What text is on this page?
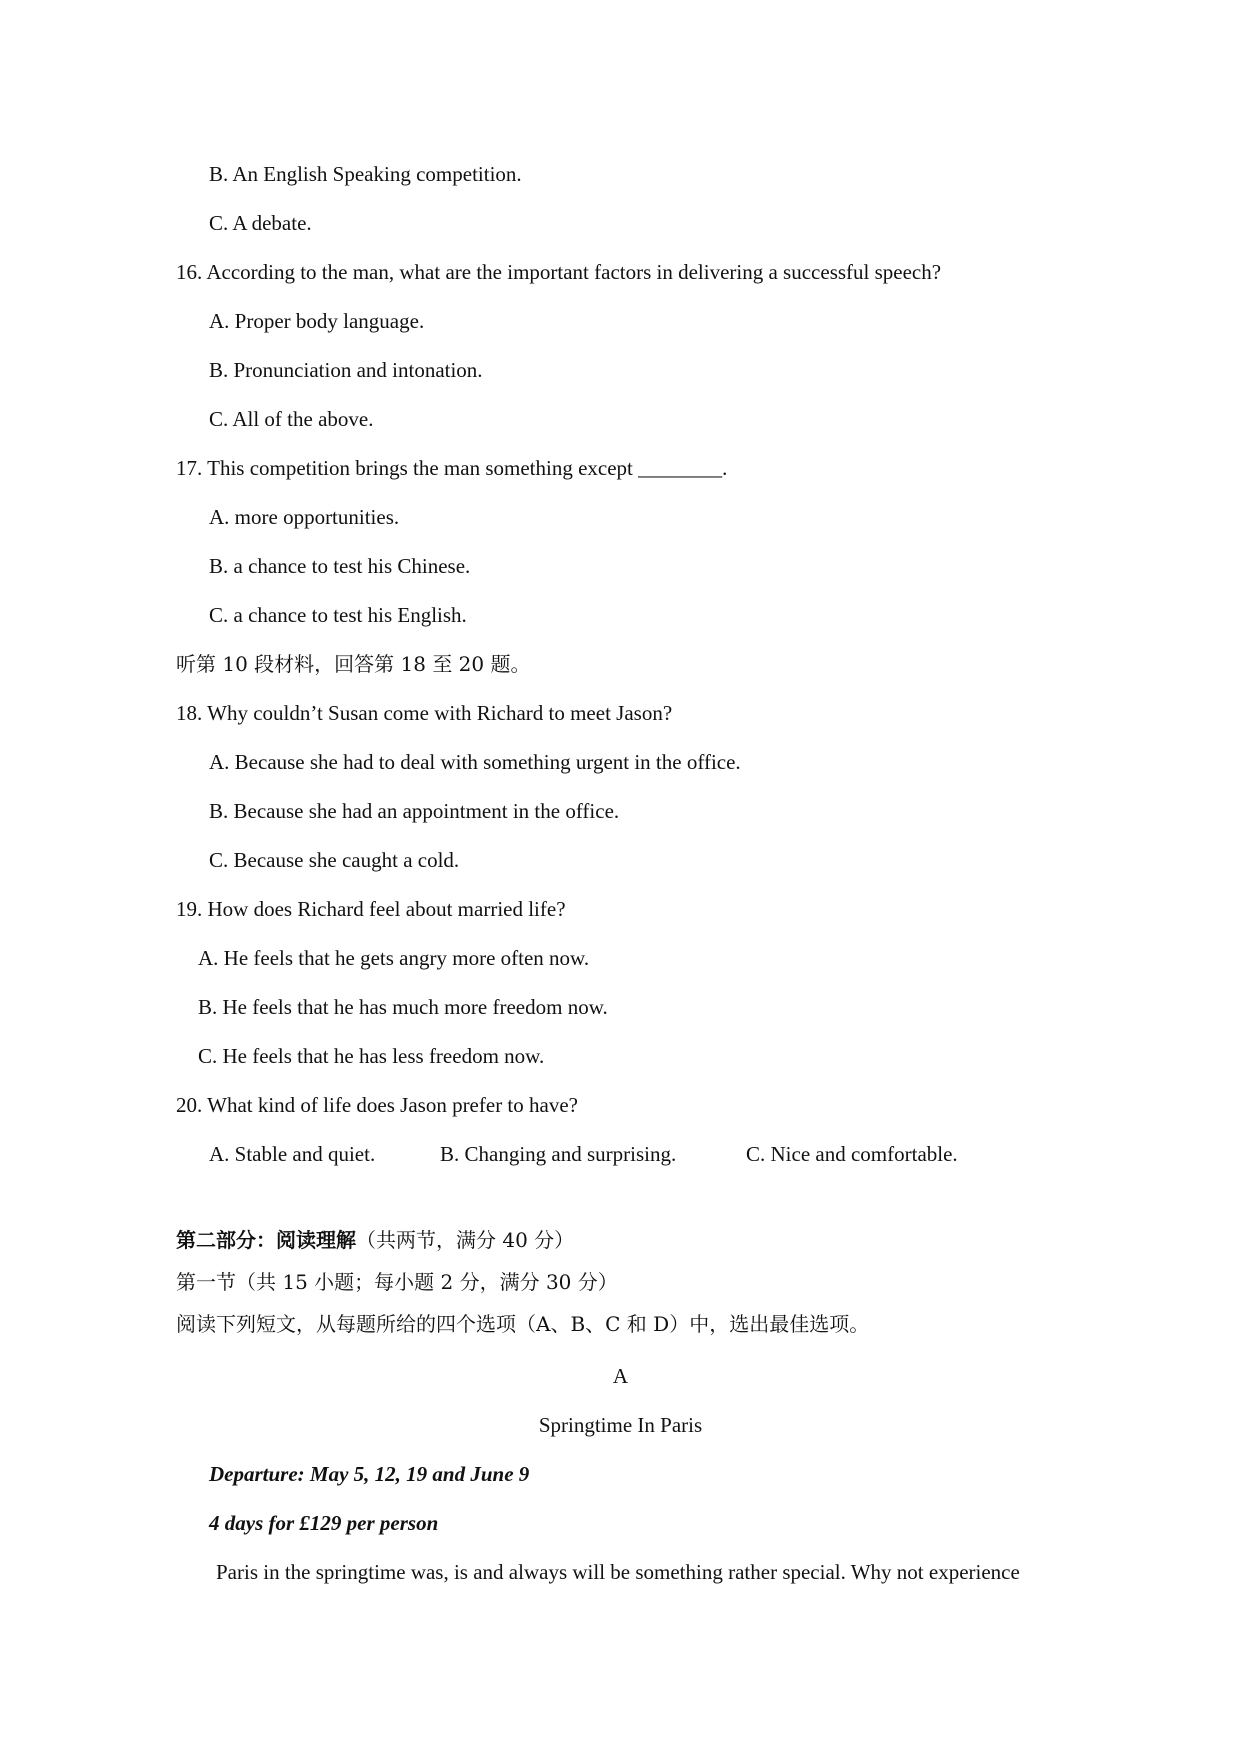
B. An English Speaking competition.
C. A debate.
16. According to the man, what are the important factors in delivering a successful speech?
A. Proper body language.
B. Pronunciation and intonation.
C. All of the above.
17. This competition brings the man something except ________.
A. more opportunities.
B. a chance to test his Chinese.
C. a chance to test his English.
听第 10 段材料，回答第 18 至 20 题。
18. Why couldn’t Susan come with Richard to meet Jason?
A. Because she had to deal with something urgent in the office.
B. Because she had an appointment in the office.
C. Because she caught a cold.
19. How does Richard feel about married life?
A. He feels that he gets angry more often now.
B. He feels that he has much more freedom now.
C. He feels that he has less freedom now.
20. What kind of life does Jason prefer to have?
A. Stable and quiet.	B. Changing and surprising.	C. Nice and comfortable.
第二部分：阅读理解（共两节，满分 40 分）
第一节（共 15 小题；每小题 2 分，满分 30 分）
阅读下列短文，从每题所给的四个选项（A、B、C 和 D）中，选出最佳选项。
A
Springtime In Paris
Departure: May 5, 12, 19 and June 9
4 days for £129 per person
Paris in the springtime was, is and always will be something rather special. Why not experience
